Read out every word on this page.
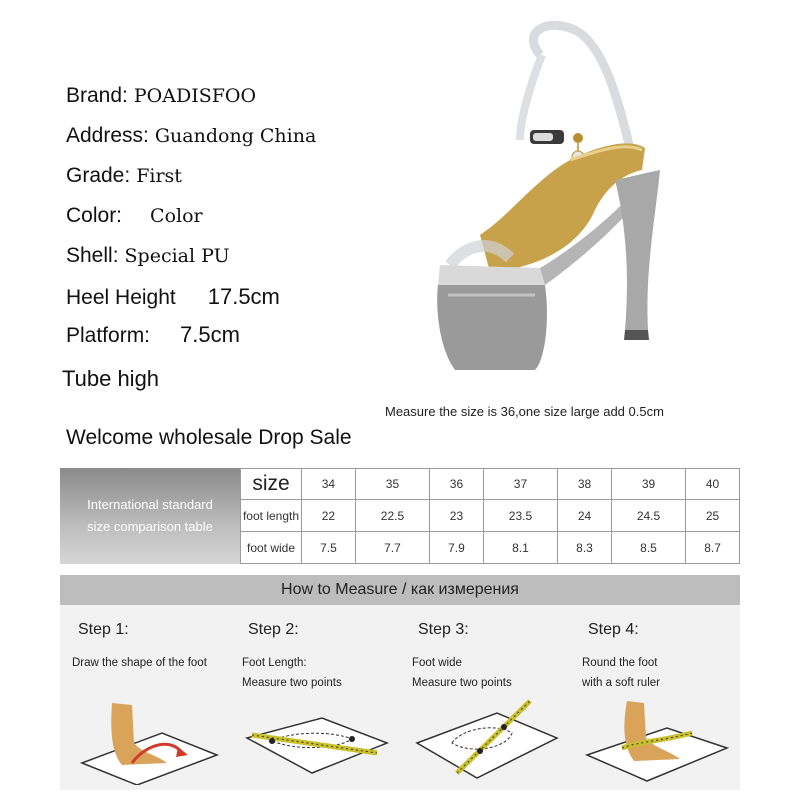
Brand: POADISFOO
Address: Guandong China
Grade: First
Color: Color
Shell: Special PU
Heel Height 17.5cm
Platform: 7.5cm
Tube high
Measure the size is 36,one size large add 0.5cm
Welcome wholesale Drop Sale
International standard
size comparison table
size	34	35	36	37	38	39	40
foot length	22	22.5	23	23.5	24	24.5	25
foot wide	7.5	7.7	7.9	8.1	8.3	8.5	8.7
How to Measure / как измерения
Step 1:
Draw the shape of the foot
Step 2:
Foot Length:
Measure two points
Step 3:
Foot wide
Measure two points
Step 4:
Round the foot
with a soft ruler
